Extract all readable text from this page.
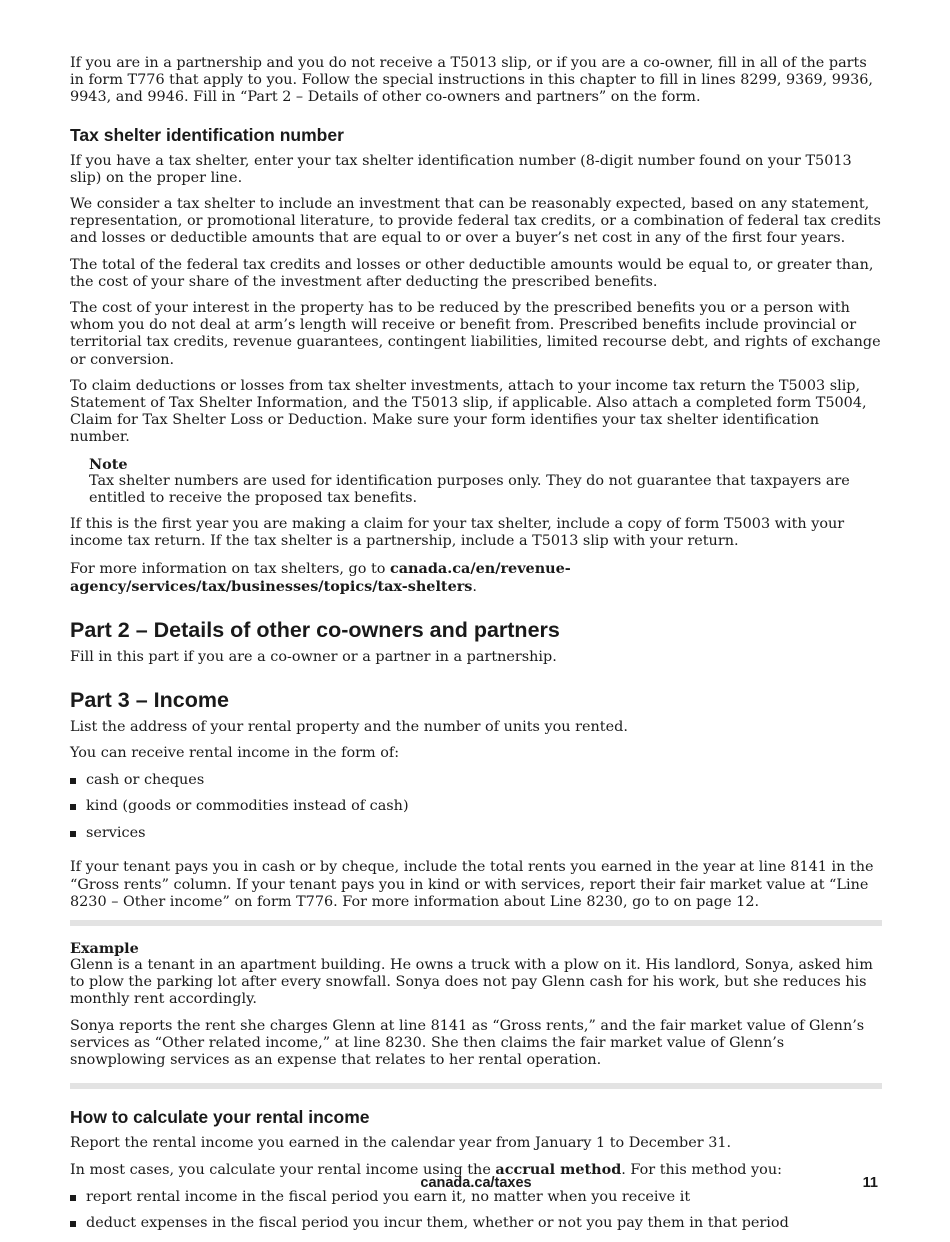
If you are in a partnership and you do not receive a T5013 slip, or if you are a co-owner, fill in all of the parts in form T776 that apply to you. Follow the special instructions in this chapter to fill in lines 8299, 9369, 9936, 9943, and 9946. Fill in “Part 2 – Details of other co-owners and partners” on the form.

Tax shelter identification number

If you have a tax shelter, enter your tax shelter identification number (8-digit number found on your T5013 slip) on the proper line.

We consider a tax shelter to include an investment that can be reasonably expected, based on any statement, representation, or promotional literature, to provide federal tax credits, or a combination of federal tax credits and losses or deductible amounts that are equal to or over a buyer’s net cost in any of the first four years.

The total of the federal tax credits and losses or other deductible amounts would be equal to, or greater than, the cost of your share of the investment after deducting the prescribed benefits.

The cost of your interest in the property has to be reduced by the prescribed benefits you or a person with whom you do not deal at arm’s length will receive or benefit from. Prescribed benefits include provincial or territorial tax credits, revenue guarantees, contingent liabilities, limited recourse debt, and rights of exchange or conversion.

To claim deductions or losses from tax shelter investments, attach to your income tax return the T5003 slip, Statement of Tax Shelter Information, and the T5013 slip, if applicable. Also attach a completed form T5004, Claim for Tax Shelter Loss or Deduction. Make sure your form identifies your tax shelter identification number.

Note

Tax shelter numbers are used for identification purposes only. They do not guarantee that taxpayers are entitled to receive the proposed tax benefits.

If this is the first year you are making a claim for your tax shelter, include a copy of form T5003 with your income tax return. If the tax shelter is a partnership, include a T5013 slip with your return.

For more information on tax shelters, go to canada.ca/en/revenue-agency/services/tax/businesses/topics/tax-shelters.

Part 2 – Details of other co-owners and partners

Fill in this part if you are a co-owner or a partner in a partnership.

Part 3 – Income

List the address of your rental property and the number of units you rented.

You can receive rental income in the form of:

cash or cheques
kind (goods or commodities instead of cash)
services

If your tenant pays you in cash or by cheque, include the total rents you earned in the year at line 8141 in the “Gross rents” column. If your tenant pays you in kind or with services, report their fair market value at “Line 8230 – Other income” on form T776. For more information about Line 8230, go to on page 12.

Example

Glenn is a tenant in an apartment building. He owns a truck with a plow on it. His landlord, Sonya, asked him to plow the parking lot after every snowfall. Sonya does not pay Glenn cash for his work, but she reduces his monthly rent accordingly.

Sonya reports the rent she charges Glenn at line 8141 as “Gross rents,” and the fair market value of Glenn’s services as “Other related income,” at line 8230. She then claims the fair market value of Glenn’s snowplowing services as an expense that relates to her rental operation.

How to calculate your rental income

Report the rental income you earned in the calendar year from January 1 to December 31.

In most cases, you calculate your rental income using the accrual method. For this method you:

report rental income in the fiscal period you earn it, no matter when you receive it
deduct expenses in the fiscal period you incur them, whether or not you pay them in that period
canada.ca/taxes	11
